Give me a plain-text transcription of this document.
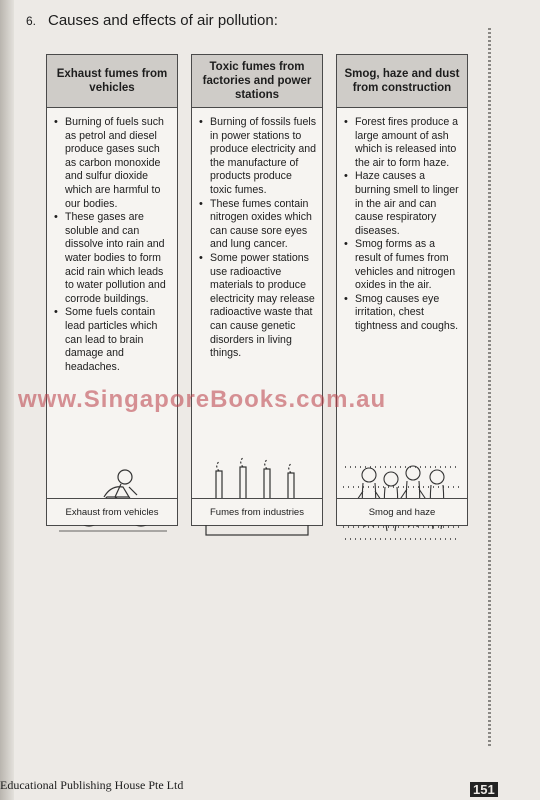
6. Causes and effects of air pollution:
Exhaust fumes from vehicles
• Burning of fuels such as petrol and diesel produce gases such as carbon monoxide and sulfur dioxide which are harmful to our bodies.
• These gases are soluble and can dissolve into rain and water bodies to form acid rain which leads to water pollution and corrode buildings.
• Some fuels contain lead particles which can lead to brain damage and headaches.
Exhaust from vehicles
Toxic fumes from factories and power stations
• Burning of fossils fuels in power stations to produce electricity and the manufacture of products produce toxic fumes.
• These fumes contain nitrogen oxides which can cause sore eyes and lung cancer.
• Some power stations use radioactive materials to produce electricity may release radioactive waste that can cause genetic disorders in living things.
Fumes from industries
Smog, haze and dust from construction
• Forest fires produce a large amount of ash which is released into the air to form haze.
• Haze causes a burning smell to linger in the air and can cause respiratory diseases.
• Smog forms as a result of fumes from vehicles and nitrogen oxides in the air.
• Smog causes eye irritation, chest tightness and coughs.
Smog and haze
www.SingaporeBooks.com.au
Educational Publishing House Pte Ltd	151
